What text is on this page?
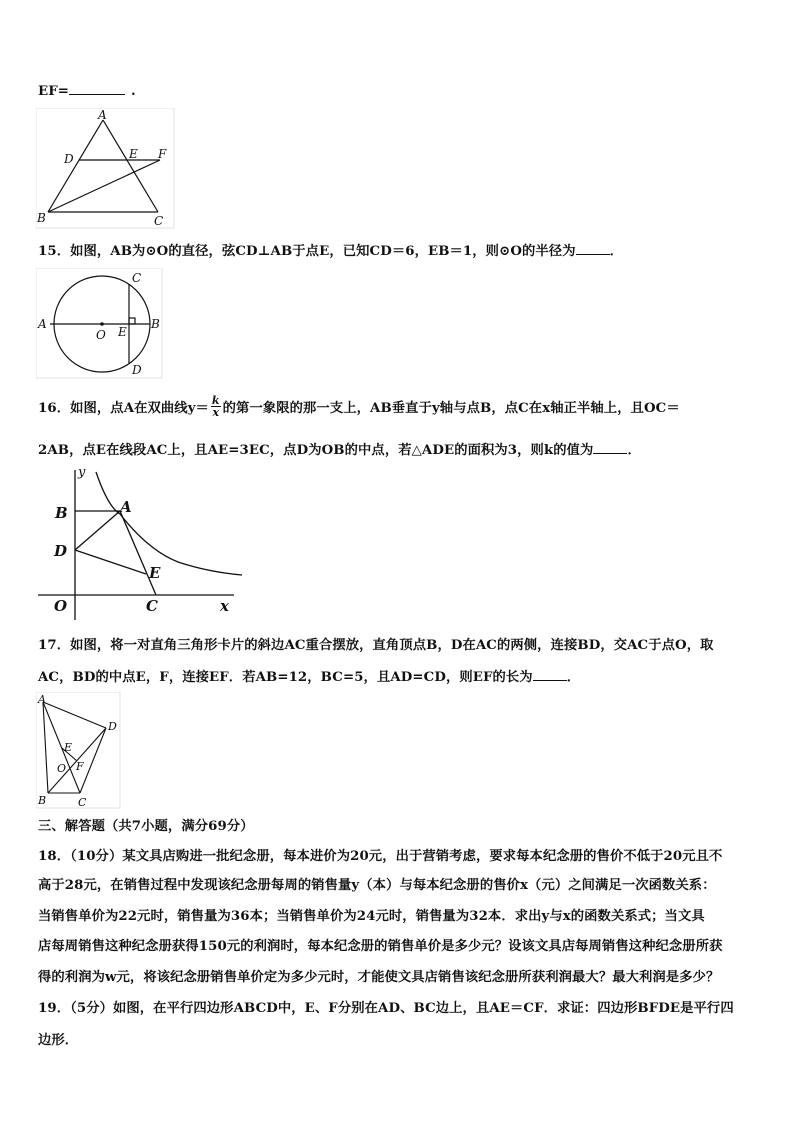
EF=	.
A
D	E F
B	C
15．如图，AB为⊙O的直径，弦CD⊥AB于点E，已知CD＝6，EB＝1，则⊙O的半径为	．
A
O E
B
C
D
16．如图，点A在双曲线$y= \frac{k}{x}$ 的第一象限的那一支上，AB垂直于y轴与点B，点C在x轴正半轴上，且OC＝
2AB，点E在线段AC上，且AE=3EC，点D为OB的中点，若△ADE的面积为3，则k的值为	．
y
B	A
D
E
O	C	x
17．如图，将一对直角三角形卡片的斜边AC重合摆放，直角顶点B，D在AC的两侧，连接BD，交AC于点O，取
AC，BD的中点E，F，连接EF．若AB=12，BC=5，且AD=CD，则EF的长为	．
A
D
E
O F
B	C
三、解答题（共7小题，满分69分）
18．（10分）某文具店购进一批纪念册，每本进价为20元，出于营销考虑，要求每本纪念册的售价不低于20元且不
高于28元，在销售过程中发现该纪念册每周的销售量y（本）与每本纪念册的售价x（元）之间满足一次函数关系：
当销售单价为22元时，销售量为36本；当销售单价为24元时，销售量为32本．求出y与x的函数关系式；当文具
店每周销售这种纪念册获得150元的利润时，每本纪念册的销售单价是多少元？设该文具店每周销售这种纪念册所获
得的利润为w元，将该纪念册销售单价定为多少元时，才能使文具店销售该纪念册所获利润最大？最大利润是多少？
19．（5分）如图，在平行四边形ABCD中，E、F分别在AD、BC边上，且AE＝CF．求证：四边形BFDE是平行四
边形．
